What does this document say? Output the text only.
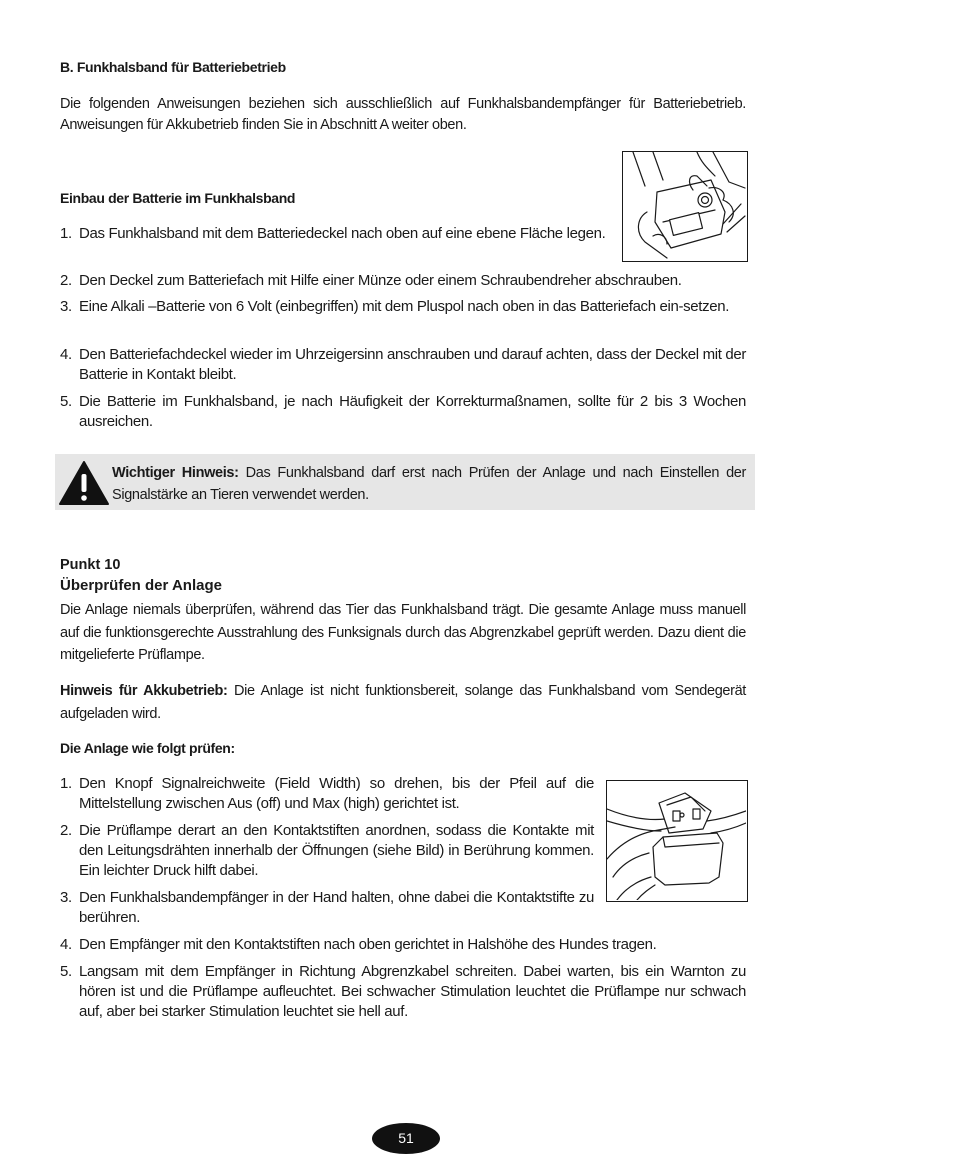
B. Funkhalsband für Batteriebetrieb
Die folgenden Anweisungen beziehen sich ausschließlich auf Funkhalsbandempfänger für Batteriebetrieb. Anweisungen für Akkubetrieb finden Sie in Abschnitt A weiter oben.
Einbau der Batterie im Funkhalsband
1. Das Funkhalsband mit dem Batteriedeckel nach oben auf eine ebene Fläche legen.
2. Den Deckel zum Batteriefach mit Hilfe einer Münze oder einem Schraubendreher abschrauben.
3. Eine Alkali –Batterie von 6 Volt (einbegriffen) mit dem Pluspol nach oben in das Batteriefach ein-setzen.
4. Den Batteriefachdeckel wieder im Uhrzeigersinn anschrauben und darauf achten, dass der Deckel mit der Batterie in Kontakt bleibt.
5. Die Batterie im Funkhalsband, je nach Häufigkeit der Korrekturmaßnamen, sollte für 2 bis 3 Wochen ausreichen.
Wichtiger Hinweis: Das Funkhalsband darf erst nach Prüfen der Anlage und nach Einstellen der Signalstärke an Tieren verwendet werden.
Punkt 10
Überprüfen der Anlage
Die Anlage niemals überprüfen, während das Tier das Funkhalsband trägt. Die gesamte Anlage muss manuell auf die funktionsgerechte Ausstrahlung des Funksignals durch das Abgrenzkabel geprüft werden. Dazu dient die mitgelieferte Prüflampe.
Hinweis für Akkubetrieb: Die Anlage ist nicht funktionsbereit, solange das Funkhalsband vom Sendegerät aufgeladen wird.
Die Anlage wie folgt prüfen:
1. Den Knopf Signalreichweite (Field Width) so drehen, bis der Pfeil auf die Mittelstellung zwischen Aus (off) und Max (high) gerichtet ist.
2. Die Prüflampe derart an den Kontaktstiften anordnen, sodass die Kontakte mit den Leitungsdrähten innerhalb der Öffnungen (siehe Bild) in Berührung kommen. Ein leichter Druck hilft dabei.
3. Den Funkhalsbandempfänger in der Hand halten, ohne dabei die Kontaktstifte zu berühren.
4. Den Empfänger mit den Kontaktstiften nach oben gerichtet in Halshöhe des Hundes tragen.
5. Langsam mit dem Empfänger in Richtung Abgrenzkabel schreiten. Dabei warten, bis ein Warnton zu hören ist und die Prüflampe aufleuchtet. Bei schwacher Stimulation leuchtet die Prüflampe nur schwach auf, aber bei starker Stimulation leuchtet sie hell auf.
51
